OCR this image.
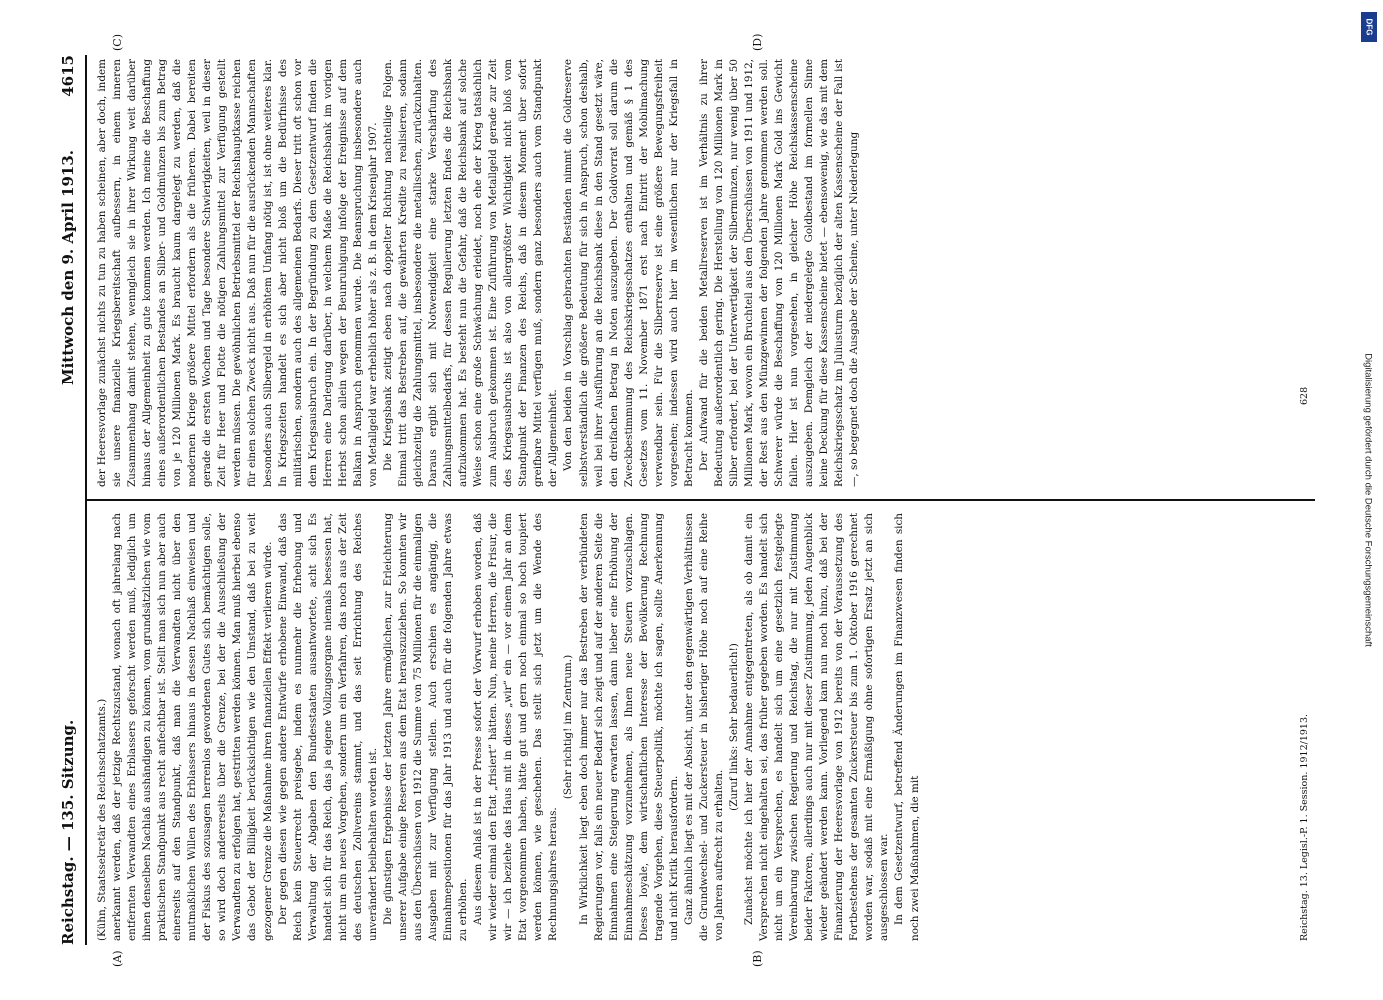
Reichstag. — 135. Sitzung.
Mittwoch den 9. April 1913.
4615
(A)	(B)
(C)	(D)

(Kühn, Staatssekretär des Reichsschatzamts.) anerkannt werden, daß der jetzige Rechtszustand, wonach oft jahrelang nach entfernten Verwandten eines Erblassers geforscht werden muß, lediglich um ihnen denselben Nachlaß aushändigen zu können, vom grundsätzlichen wie vom praktischen Standpunkt aus recht anfechtbar ist. Stellt man sich nun aber auch einerseits auf den Standpunkt, daß man die Verwandten nicht über den mutmaßlichen Willen des Erblassers hinaus in dessen Nachlaß einweisen und der Fiskus des sozusagen herrenlos gewordenen Gutes sich bemächtigen solle, so wird doch andererseits über die Grenze, bei der die Ausschließung der Verwandten zu erfolgen hat, gestritten werden können. Man muß hierbei ebenso das Gebot der Billigkeit berücksichtigen wie den Umstand, daß bei zu weit gezogener Grenze die Maßnahme ihren finanziellen Effekt verlieren würde. Der gegen diesen wie gegen andere Entwürfe erhobene Einwand, daß das Reich kein Steuerrecht preisgebe, indem es nunmehr die Erhebung und Verwaltung der Abgaben den Bundesstaaten ausantwortete, acht sich Es handelt sich für das Reich, das ja eigene Vollzugsorgane niemals besessen hat, nicht um ein neues Vorgehen, sondern um ein Verfahren, das noch aus der Zeit des deutschen Zollvereins stammt, und das seit Errichtung des Reiches unverändert beibehalten worden ist. Die günstigen Ergebnisse der letzten Jahre ermöglichen, zur Erleichterung unserer Aufgabe einige Reserven aus dem Etat herauszuziehen. So konnten wir aus den Überschüssen von 1912 die Summe von 75 Millionen für die einmaligen Ausgaben mit zur Verfügung stellen. Auch erschien es angängig, die Einnahmepositionen für das Jahr 1913 und auch für die folgenden Jahre etwas zu erhöhen. Aus diesem Anlaß ist in der Presse sofort der Vorwurf erhoben worden, daß wir wieder einmal den Etat „frisiert“ hätten. Nun, meine Herren, die Frisur, die wir — ich beziehe das Haus mit in dieses „wir“ ein — vor einem Jahr an dem Etat vorgenommen haben, hätte gut und gern noch einmal so hoch toupiert werden können, wie geschehen. Das stellt sich jetzt um die Wende des Rechnungsjahres heraus.

(Sehr richtig! im Zentrum.) In Wirklichkeit liegt eben doch immer nur das Bestreben der verbündeten Regierungen vor, falls ein neuer Bedarf sich zeigt und auf der anderen Seite die Einnahmen eine Steigerung erwarten lassen, dann lieber eine Erhöhung der Einnahmeschätzung vorzunehmen, als Ihnen neue Steuern vorzuschlagen. Dieses loyale, dem wirtschaftlichen Interesse der Bevölkerung Rechnung tragende Vorgehen, diese Steuerpolitik, möchte ich sagen, sollte Anerkennung und nicht Kritik herausfordern. Ganz ähnlich liegt es mit der Absicht, unter den gegenwärtigen Verhältnissen die Grundwechsel- und Zuckersteuer in bisheriger Höhe noch auf eine Reihe von Jahren aufrecht zu erhalten.

(Zuruf links: Sehr bedauerlich!) Zunächst möchte ich hier der Annahme entgegentreten, als ob damit ein Versprechen nicht eingehalten sei, das früher gegeben worden. Es handelt sich nicht um ein Versprechen, es handelt sich um eine gesetzlich festgelegte Vereinbarung zwischen Regierung und Reichstag, die nur mit Zustimmung beider Faktoren, allerdings auch nur mit dieser Zustimmung, jeden Augenblick wieder geändert werden kann. Vorliegend kam nun noch hinzu, daß bei der Finanzierung der Heeresvorlage von 1912 bereits von der Voraussetzung des Fortbestehens der gesamten Zuckersteuer bis zum 1. Oktober 1916 gerechnet worden war, sodaß mit eine Ermäßigung ohne sofortigen Ersatz jetzt an sich ausgeschlossen war. In dem Gesetzentwurf, betreffend Änderungen im Finanzwesen finden sich noch zwei Maßnahmen, die mit

der Heeresvorlage zunächst nichts zu tun zu haben scheinen, aber doch, indem sie unsere finanzielle Kriegsbereitschaft aufbessern, in einem inneren Zusammenhang damit stehen, wenngleich sie in ihrer Wirkung weit darüber hinaus der Allgemeinheit zu gute kommen werden. Ich meine die Beschaffung eines außerordentlichen Bestandes an Silber- und Goldmünzen bis zum Betrag von je 120 Millionen Mark. Es braucht kaum dargelegt zu werden, daß die modernen Kriege größere Mittel erfordern als die früheren. Dabei bereiten gerade die ersten Wochen und Tage besondere Schwierigkeiten, weil in dieser Zeit für Heer und Flotte die nötigen Zahlungsmittel zur Verfügung gestellt werden müssen. Die gewöhnlichen Betriebsmittel der Reichshauptkasse reichen für einen solchen Zweck nicht aus. Daß nun für die ausrückenden Mannschaften besonders auch Silbergeld in erhöhtem Umfang nötig ist, ist ohne weiteres klar. In Kriegszeiten handelt es sich aber nicht bloß um die Bedürfnisse des militärischen, sondern auch des allgemeinen Bedarfs. Dieser tritt oft schon vor dem Kriegsausbruch ein. In der Begründung zu dem Gesetzentwurf finden die Herren eine Darlegung darüber, in welchem Maße die Reichsbank im vorigen Herbst schon allein wegen der Beunruhigung infolge der Ereignisse auf dem Balkan in Anspruch genommen wurde. Die Beanspruchung insbesondere auch von Metallgeld war erheblich höher als z. B. in dem Krisenjahr 1907. Die Kriegsbank zeitigt eben nach doppelter Richtung nachteilige Folgen. Einmal tritt das Bestreben auf, die gewährten Kredite zu realisieren, sodann gleichzeitig die Zahlungsmittel, insbesondere die metallischen, zurückzuhalten. Daraus ergibt sich mit Notwendigkeit eine starke Verschärfung des Zahlungsmittelbedarfs, für dessen Regulierung letzten Endes die Reichsbank aufzukommen hat. Es besteht nun die Gefahr, daß die Reichsbank auf solche Weise schon eine große Schwächung erleidet, noch ehe der Krieg tatsächlich zum Ausbruch gekommen ist. Eine Zuführung von Metallgeld gerade zur Zeit des Kriegsausbruchs ist also von allergrößter Wichtigkeit nicht bloß vom Standpunkt der Finanzen des Reichs, daß in diesem Moment über sofort greifbare Mittel verfügen muß, sondern ganz besonders auch vom Standpunkt der Allgemeinheit. Von den beiden in Vorschlag gebrachten Beständen nimmt die Goldreserve selbstverständlich die größere Bedeutung für sich in Anspruch, schon deshalb, weil bei ihrer Ausführung an die Reichsbank diese in den Stand gesetzt wäre, den dreifachen Betrag in Noten auszugeben. Der Goldvorrat soll darum die Zweckbestimmung des Reichskriegsschatzes enthalten und gemäß § 1 des Gesetzes vom 11. November 1871 erst nach Eintritt der Mobilmachung verwendbar sein. Für die Silberreserve ist eine größere Bewegungsfreiheit vorgesehen; indessen wird auch hier im wesentlichen nur der Kriegsfall in Betracht kommen. Der Aufwand für die beiden Metallreserven ist im Verhältnis zu ihrer Bedeutung außerordentlich gering. Die Herstellung von 120 Millionen Mark in Silber erfordert, bei der Unterwertigkeit der Silbermünzen, nur wenig über 50 Millionen Mark, wovon ein Bruchteil aus den Überschüssen von 1911 und 1912, der Rest aus den Münzgewinnen der folgenden Jahre genommen werden soll. Schwerer würde die Beschaffung von 120 Millionen Mark Gold ins Gewicht fallen. Hier ist nun vorgesehen, in gleicher Höhe Reichskassenscheine auszugeben. Demgleich der niedergelegte Goldbestand im formellen Sinne keine Deckung für diese Kassenscheine bietet — ebensowenig, wie das mit dem Reichskriegsschatz im Juliusturm bezüglich der alten Kassenscheine der Fall ist —, so begegnet doch die Ausgabe der Scheine, unter Niederlegung

Reichstag. 13. Legisl.-P. 1. Session. 1912/1913.
628
DFG
Digitalisierung gefördert durch die Deutsche Forschungsgemeinschaft
